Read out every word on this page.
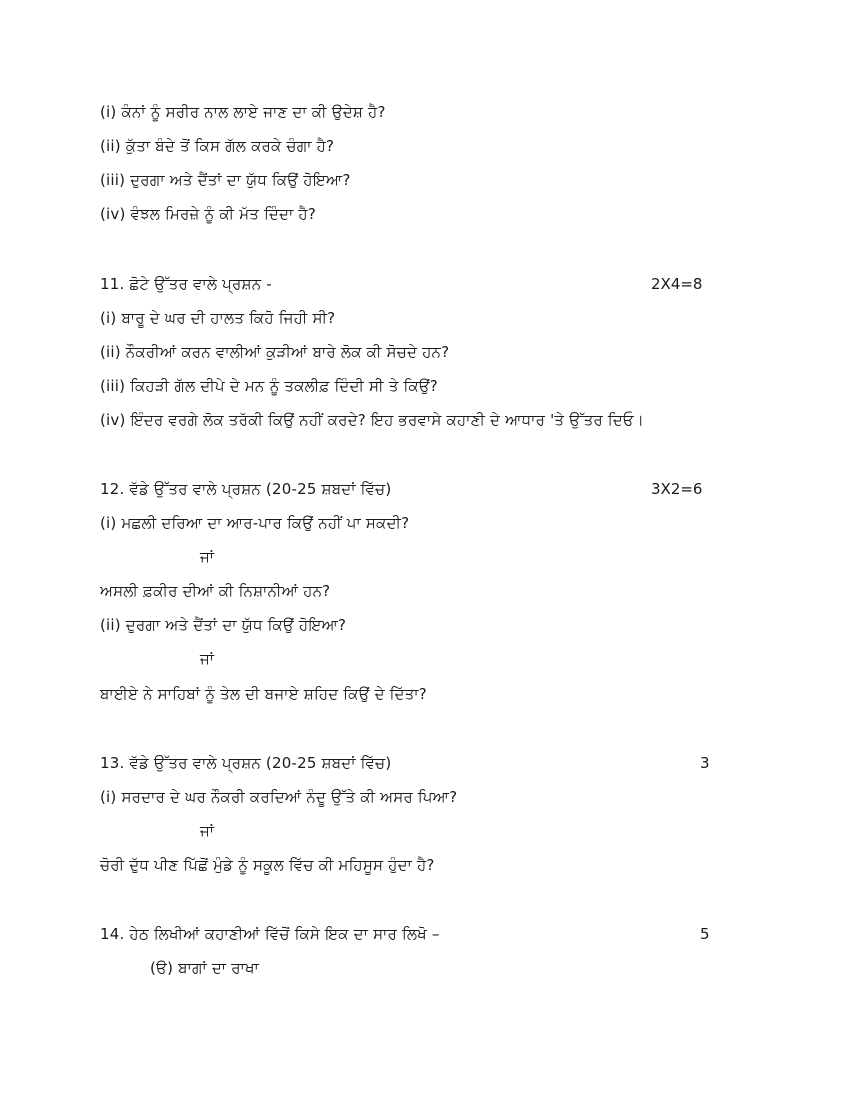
(i) ਕੰਨਾਂ ਨੂੰ ਸਰੀਰ ਨਾਲ ਲਾਏ ਜਾਣ ਦਾ ਕੀ ਉਦੇਸ਼ ਹੈ?
(ii) ਕੁੱਤਾ ਬੰਦੇ ਤੋਂ ਕਿਸ ਗੱਲ ਕਰਕੇ ਚੰਗਾ ਹੈ?
(iii) ਦੁਰਗਾ ਅਤੇ ਦੈਂਤਾਂ ਦਾ ਯੁੱਧ ਕਿਉਂ ਹੋਇਆ?
(iv) ਵੰਝਲ ਮਿਰਜ਼ੇ ਨੂੰ ਕੀ ਮੱਤ ਦਿੰਦਾ ਹੈ?
11. ਛੋਟੇ ਉੱਤਰ ਵਾਲੇ ਪ੍ਰਸ਼ਨ -	2X4=8
(i) ਬਾਰੂ ਦੇ ਘਰ ਦੀ ਹਾਲਤ ਕਿਹੋ ਜਿਹੀ ਸੀ?
(ii) ਨੌਕਰੀਆਂ ਕਰਨ ਵਾਲੀਆਂ ਕੁੜੀਆਂ ਬਾਰੇ ਲੋਕ ਕੀ ਸੋਚਦੇ ਹਨ?
(iii) ਕਿਹੜੀ ਗੱਲ ਦੀਪੇ ਦੇ ਮਨ ਨੂੰ ਤਕਲੀਫ਼ ਦਿੰਦੀ ਸੀ ਤੇ ਕਿਉਂ?
(iv) ਇੰਦਰ ਵਰਗੇ ਲੋਕ ਤਰੱਕੀ ਕਿਉਂ ਨਹੀਂ ਕਰਦੇ? ਇਹ ਭਰਵਾਸੇ ਕਹਾਣੀ ਦੇ ਆਧਾਰ 'ਤੇ ਉੱਤਰ ਦਿਓ।
12. ਵੱਡੇ ਉੱਤਰ ਵਾਲੇ ਪ੍ਰਸ਼ਨ (20-25 ਸ਼ਬਦਾਂ ਵਿੱਚ)	3X2=6
(i) ਮਛਲੀ ਦਰਿਆ ਦਾ ਆਰ-ਪਾਰ ਕਿਉਂ ਨਹੀਂ ਪਾ ਸਕਦੀ?
ਜਾਂ
ਅਸਲੀ ਫ਼ਕੀਰ ਦੀਆਂ ਕੀ ਨਿਸ਼ਾਨੀਆਂ ਹਨ?
(ii) ਦੁਰਗਾ ਅਤੇ ਦੈਂਤਾਂ ਦਾ ਯੁੱਧ ਕਿਉਂ ਹੋਇਆ?
ਜਾਂ
ਬਾਈਏ ਨੇ ਸਾਹਿਬਾਂ ਨੂੰ ਤੇਲ ਦੀ ਬਜਾਏ ਸ਼ਹਿਦ ਕਿਉਂ ਦੇ ਦਿੱਤਾ?
13. ਵੱਡੇ ਉੱਤਰ ਵਾਲੇ ਪ੍ਰਸ਼ਨ (20-25 ਸ਼ਬਦਾਂ ਵਿੱਚ)	3
(i) ਸਰਦਾਰ ਦੇ ਘਰ ਨੌਕਰੀ ਕਰਦਿਆਂ ਨੰਦੂ ਉੱਤੇ ਕੀ ਅਸਰ ਪਿਆ?
ਜਾਂ
ਚੋਰੀ ਦੁੱਧ ਪੀਣ ਪਿੱਛੋਂ ਮੁੰਡੇ ਨੂੰ ਸਕੂਲ ਵਿੱਚ ਕੀ ਮਹਿਸੂਸ ਹੁੰਦਾ ਹੈ?
14. ਹੇਠ ਲਿਖੀਆਂ ਕਹਾਣੀਆਂ ਵਿੱਚੋਂ ਕਿਸੇ ਇਕ ਦਾ ਸਾਰ ਲਿਖੋ –	5
(ੳ) ਬਾਗਾਂ ਦਾ ਰਾਖਾ
